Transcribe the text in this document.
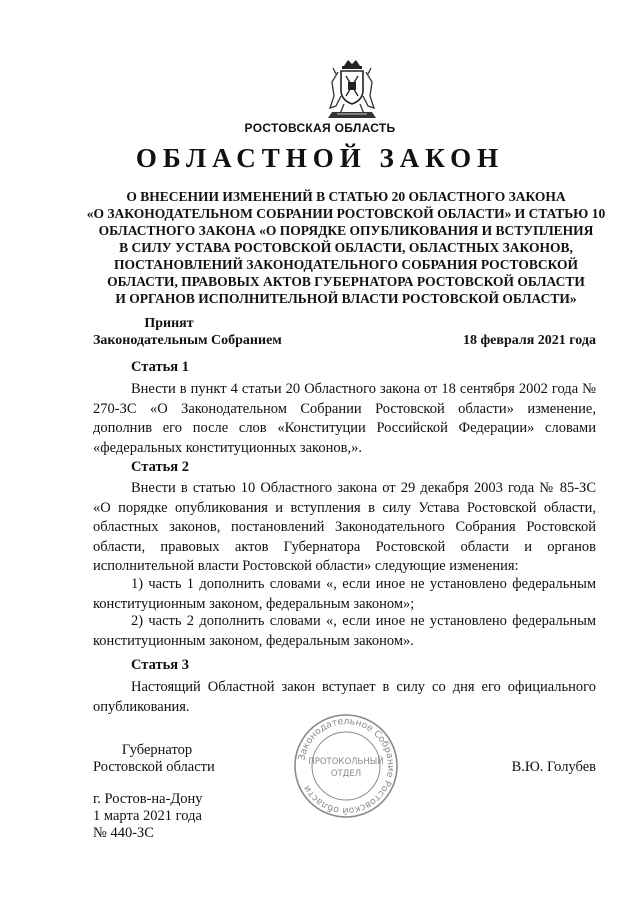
РОСТОВСКАЯ ОБЛАСТЬ
ОБЛАСТНОЙ ЗАКОН
О ВНЕСЕНИИ ИЗМЕНЕНИЙ В СТАТЬЮ 20 ОБЛАСТНОГО ЗАКОНА
«О ЗАКОНОДАТЕЛЬНОМ СОБРАНИИ РОСТОВСКОЙ ОБЛАСТИ» И СТАТЬЮ 10
ОБЛАСТНОГО ЗАКОНА «О ПОРЯДКЕ ОПУБЛИКОВАНИЯ И ВСТУПЛЕНИЯ
В СИЛУ УСТАВА РОСТОВСКОЙ ОБЛАСТИ, ОБЛАСТНЫХ ЗАКОНОВ,
ПОСТАНОВЛЕНИЙ ЗАКОНОДАТЕЛЬНОГО СОБРАНИЯ РОСТОВСКОЙ
ОБЛАСТИ, ПРАВОВЫХ АКТОВ ГУБЕРНАТОРА РОСТОВСКОЙ ОБЛАСТИ
И ОРГАНОВ ИСПОЛНИТЕЛЬНОЙ ВЛАСТИ РОСТОВСКОЙ ОБЛАСТИ»
Принят
Законодательным Собранием	18 февраля 2021 года
Статья 1
Внести в пункт 4 статьи 20 Областного закона от 18 сентября 2002 года № 270-ЗС «О Законодательном Собрании Ростовской области» изменение, дополнив его после слов «Конституции Российской Федерации» словами «федеральных конституционных законов,».
Статья 2
Внести в статью 10 Областного закона от 29 декабря 2003 года № 85-ЗС «О порядке опубликования и вступления в силу Устава Ростовской области, областных законов, постановлений Законодательного Собрания Ростовской области, правовых актов Губернатора Ростовской области и органов исполнительной власти Ростовской области» следующие изменения:
1) часть 1 дополнить словами «, если иное не установлено федеральным конституционным законом, федеральным законом»;
2) часть 2 дополнить словами «, если иное не установлено федеральным конституционным законом, федеральным законом».
Статья 3
Настоящий Областной закон вступает в силу со дня его официального опубликования.
Губернатор
Ростовской области	В.Ю. Голубев
Законодательное Собрание Ростовской области
ПРОТОКОЛЬНЫЙ
ОТДЕЛ
г. Ростов-на-Дону
1 марта 2021 года
№ 440-ЗС
